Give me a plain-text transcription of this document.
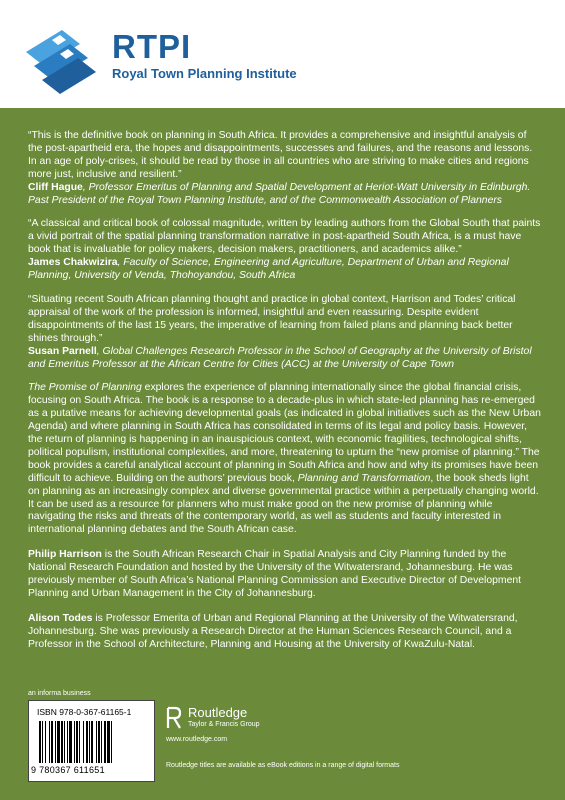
RTPI
Royal Town Planning Institute

“This is the definitive book on planning in South Africa. It provides a comprehensive and insightful analysis of the post-apartheid era, the hopes and disappointments, successes and failures, and the reasons and lessons. In an age of poly-crises, it should be read by those in all countries who are striving to make cities and regions more just, inclusive and resilient.”
Cliff Hague, Professor Emeritus of Planning and Spatial Development at Heriot-Watt University in Edinburgh. Past President of the Royal Town Planning Institute, and of the Commonwealth Association of Planners

“A classical and critical book of colossal magnitude, written by leading authors from the Global South that paints a vivid portrait of the spatial planning transformation narrative in post-apartheid South Africa, is a must have book that is invaluable for policy makers, decision makers, practitioners, and academics alike.”
James Chakwizira, Faculty of Science, Engineering and Agriculture, Department of Urban and Regional Planning, University of Venda, Thohoyandou, South Africa

“Situating recent South African planning thought and practice in global context, Harrison and Todes’ critical appraisal of the work of the profession is informed, insightful and even reassuring. Despite evident disappointments of the last 15 years, the imperative of learning from failed plans and planning back better shines through.”
Susan Parnell, Global Challenges Research Professor in the School of Geography at the University of Bristol and Emeritus Professor at the African Centre for Cities (ACC) at the University of Cape Town

The Promise of Planning explores the experience of planning internationally since the global financial crisis, focusing on South Africa. The book is a response to a decade-plus in which state-led planning has re-emerged as a putative means for achieving developmental goals (as indicated in global initiatives such as the New Urban Agenda) and where planning in South Africa has consolidated in terms of its legal and policy basis. However, the return of planning is happening in an inauspicious context, with economic fragilities, technological shifts, political populism, institutional complexities, and more, threatening to upturn the “new promise of planning.” The book provides a careful analytical account of planning in South Africa and how and why its promises have been difficult to achieve. Building on the authors’ previous book, Planning and Transformation, the book sheds light on planning as an increasingly complex and diverse governmental practice within a perpetually changing world. It can be used as a resource for planners who must make good on the new promise of planning while navigating the risks and threats of the contemporary world, as well as students and faculty interested in international planning debates and the South African case.

Philip Harrison is the South African Research Chair in Spatial Analysis and City Planning funded by the National Research Foundation and hosted by the University of the Witwatersrand, Johannesburg. He was previously member of South Africa’s National Planning Commission and Executive Director of Development Planning and Urban Management in the City of Johannesburg.

Alison Todes is Professor Emerita of Urban and Regional Planning at the University of the Witwatersrand, Johannesburg. She was previously a Research Director at the Human Sciences Research Council, and a Professor in the School of Architecture, Planning and Housing at the University of KwaZulu-Natal.

an informa business
ISBN 978-0-367-61165-1
9 780367 611651
Routledge
Taylor & Francis Group
www.routledge.com
Routledge titles are available as eBook editions in a range of digital formats
